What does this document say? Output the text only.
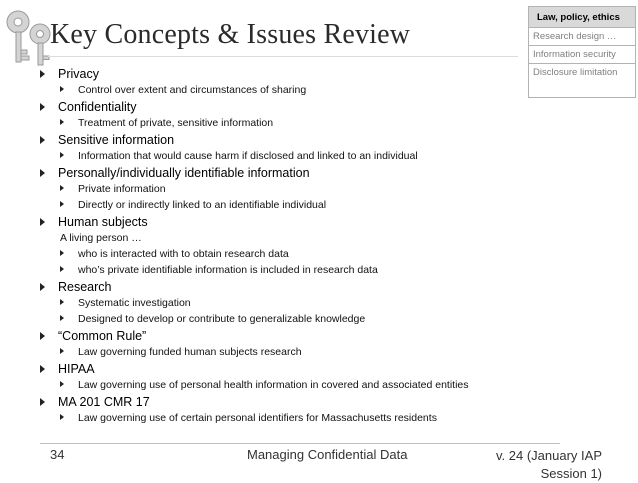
Key Concepts & Issues Review
Law, policy, ethics
Research design …
Information security
Disclosure limitation
Privacy
Control over extent and circumstances of sharing
Confidentiality
Treatment of private, sensitive information
Sensitive information
Information that would cause harm if disclosed and linked to an individual
Personally/individually identifiable information
Private information
Directly or indirectly linked to an identifiable individual
Human subjects
A living person …
who is interacted with to obtain research data
who’s private identifiable information is included in research data
Research
Systematic investigation
Designed to develop or contribute to generalizable knowledge
“Common Rule”
Law governing funded human subjects research
HIPAA
Law governing use of personal health information in covered and associated entities
MA 201 CMR 17
Law governing use of certain personal identifiers for Massachusetts residents
34	Managing Confidential Data	v. 24 (January IAP
Session 1)
